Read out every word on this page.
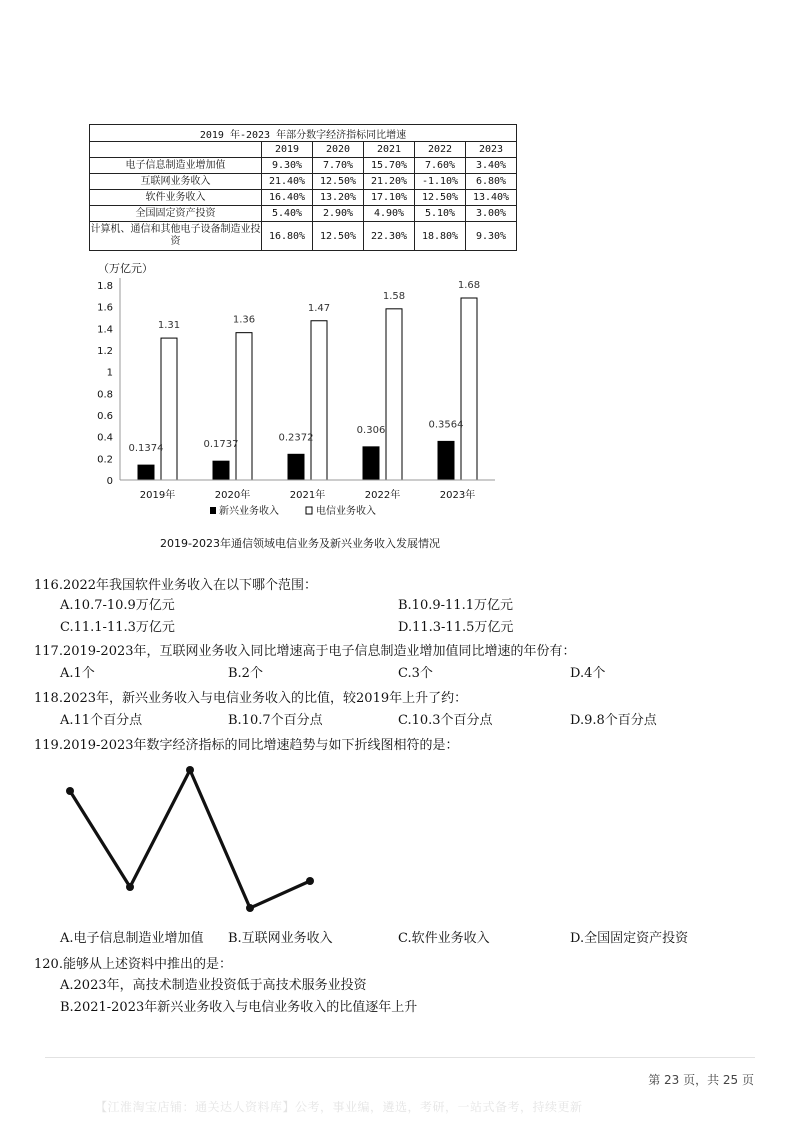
2019 年-2023 年部分数字经济指标同比增速					
	2019	2020	2021	2022	2023
电子信息制造业增加值	9.30%	7.70%	15.70%	7.60%	3.40%
互联网业务收入	21.40%	12.50%	21.20%	-1.10%	6.80%
软件业务收入	16.40%	13.20%	17.10%	12.50%	13.40%
全国固定资产投资	5.40%	2.90%	4.90%	5.10%	3.00%
计算机、通信和其他电子设备制造业投资	16.80%	12.50%	22.30%	18.80%	9.30%
（万亿元）
0
0.2
0.4
0.6
0.8
1
1.2
1.4
1.6
1.8
0.1374
1.31
0.1737
1.36
0.2372
1.47
0.306
1.58
0.3564
1.68
2019年	2020年	2021年	2022年	2023年
新兴业务收入	电信业务收入
2019-2023年通信领域电信业务及新兴业务收入发展情况
116.2022年我国软件业务收入在以下哪个范围：
A.10.7-10.9万亿元	B.10.9-11.1万亿元
C.11.1-11.3万亿元	D.11.3-11.5万亿元
117.2019-2023年，互联网业务收入同比增速高于电子信息制造业增加值同比增速的年份有：
A.1个	B.2个	C.3个	D.4个
118.2023年，新兴业务收入与电信业务收入的比值，较2019年上升了约：
A.11个百分点	B.10.7个百分点	C.10.3个百分点	D.9.8个百分点
119.2019-2023年数字经济指标的同比增速趋势与如下折线图相符的是：
A.电子信息制造业增加值 B.互联网业务收入	C.软件业务收入	D.全国固定资产投资
120.能够从上述资料中推出的是：
A.2023年，高技术制造业投资低于高技术服务业投资
B.2021-2023年新兴业务收入与电信业务收入的比值逐年上升
第 23 页，共 25 页
【江淮淘宝店铺：通关达人资料库】公考，事业编，遴选，考研，一站式备考，持续更新
